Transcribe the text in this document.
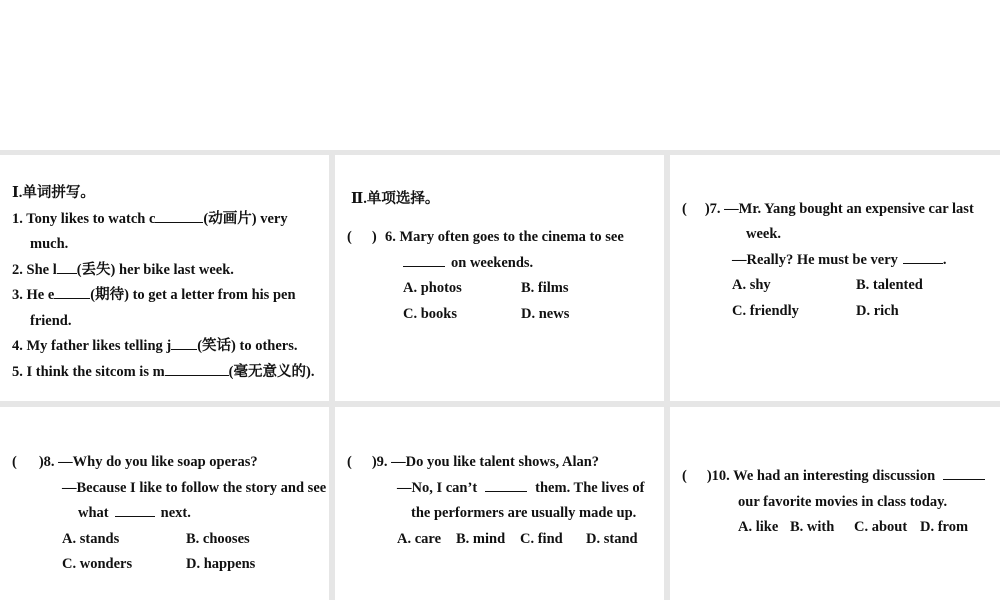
Ⅰ.单词拼写。
1. Tony likes to watch c	(动画片) very
much.
2. She l (丢失) her bike last week.
3. He e (期待) to get a letter from his pen
friend.
4. My father likes telling j (笑话) to others.
5. I think the sitcom is m	(毫无意义的).
Ⅱ.单项选择。
( ) 6. Mary often goes to the cinema to see
on weekends.
A. photos	B. films
C. books	D. news
( )7. —Mr. Yang bought an expensive car last
week.
—Really? He must be very	.
A. shy	B. talented
C. friendly	D. rich
( )8. —Why do you like soap operas?
—Because I like to follow the story and see
what	next.
A. stands	B. chooses
C. wonders	D. happens
( )9. —Do you like talent shows, Alan?
—No, I can’t	them. The lives of
the performers are usually made up.
A. care B. mind C. find D. stand
( )10. We had an interesting discussion
our favorite movies in class today.
A. like B. with C. about D. from
